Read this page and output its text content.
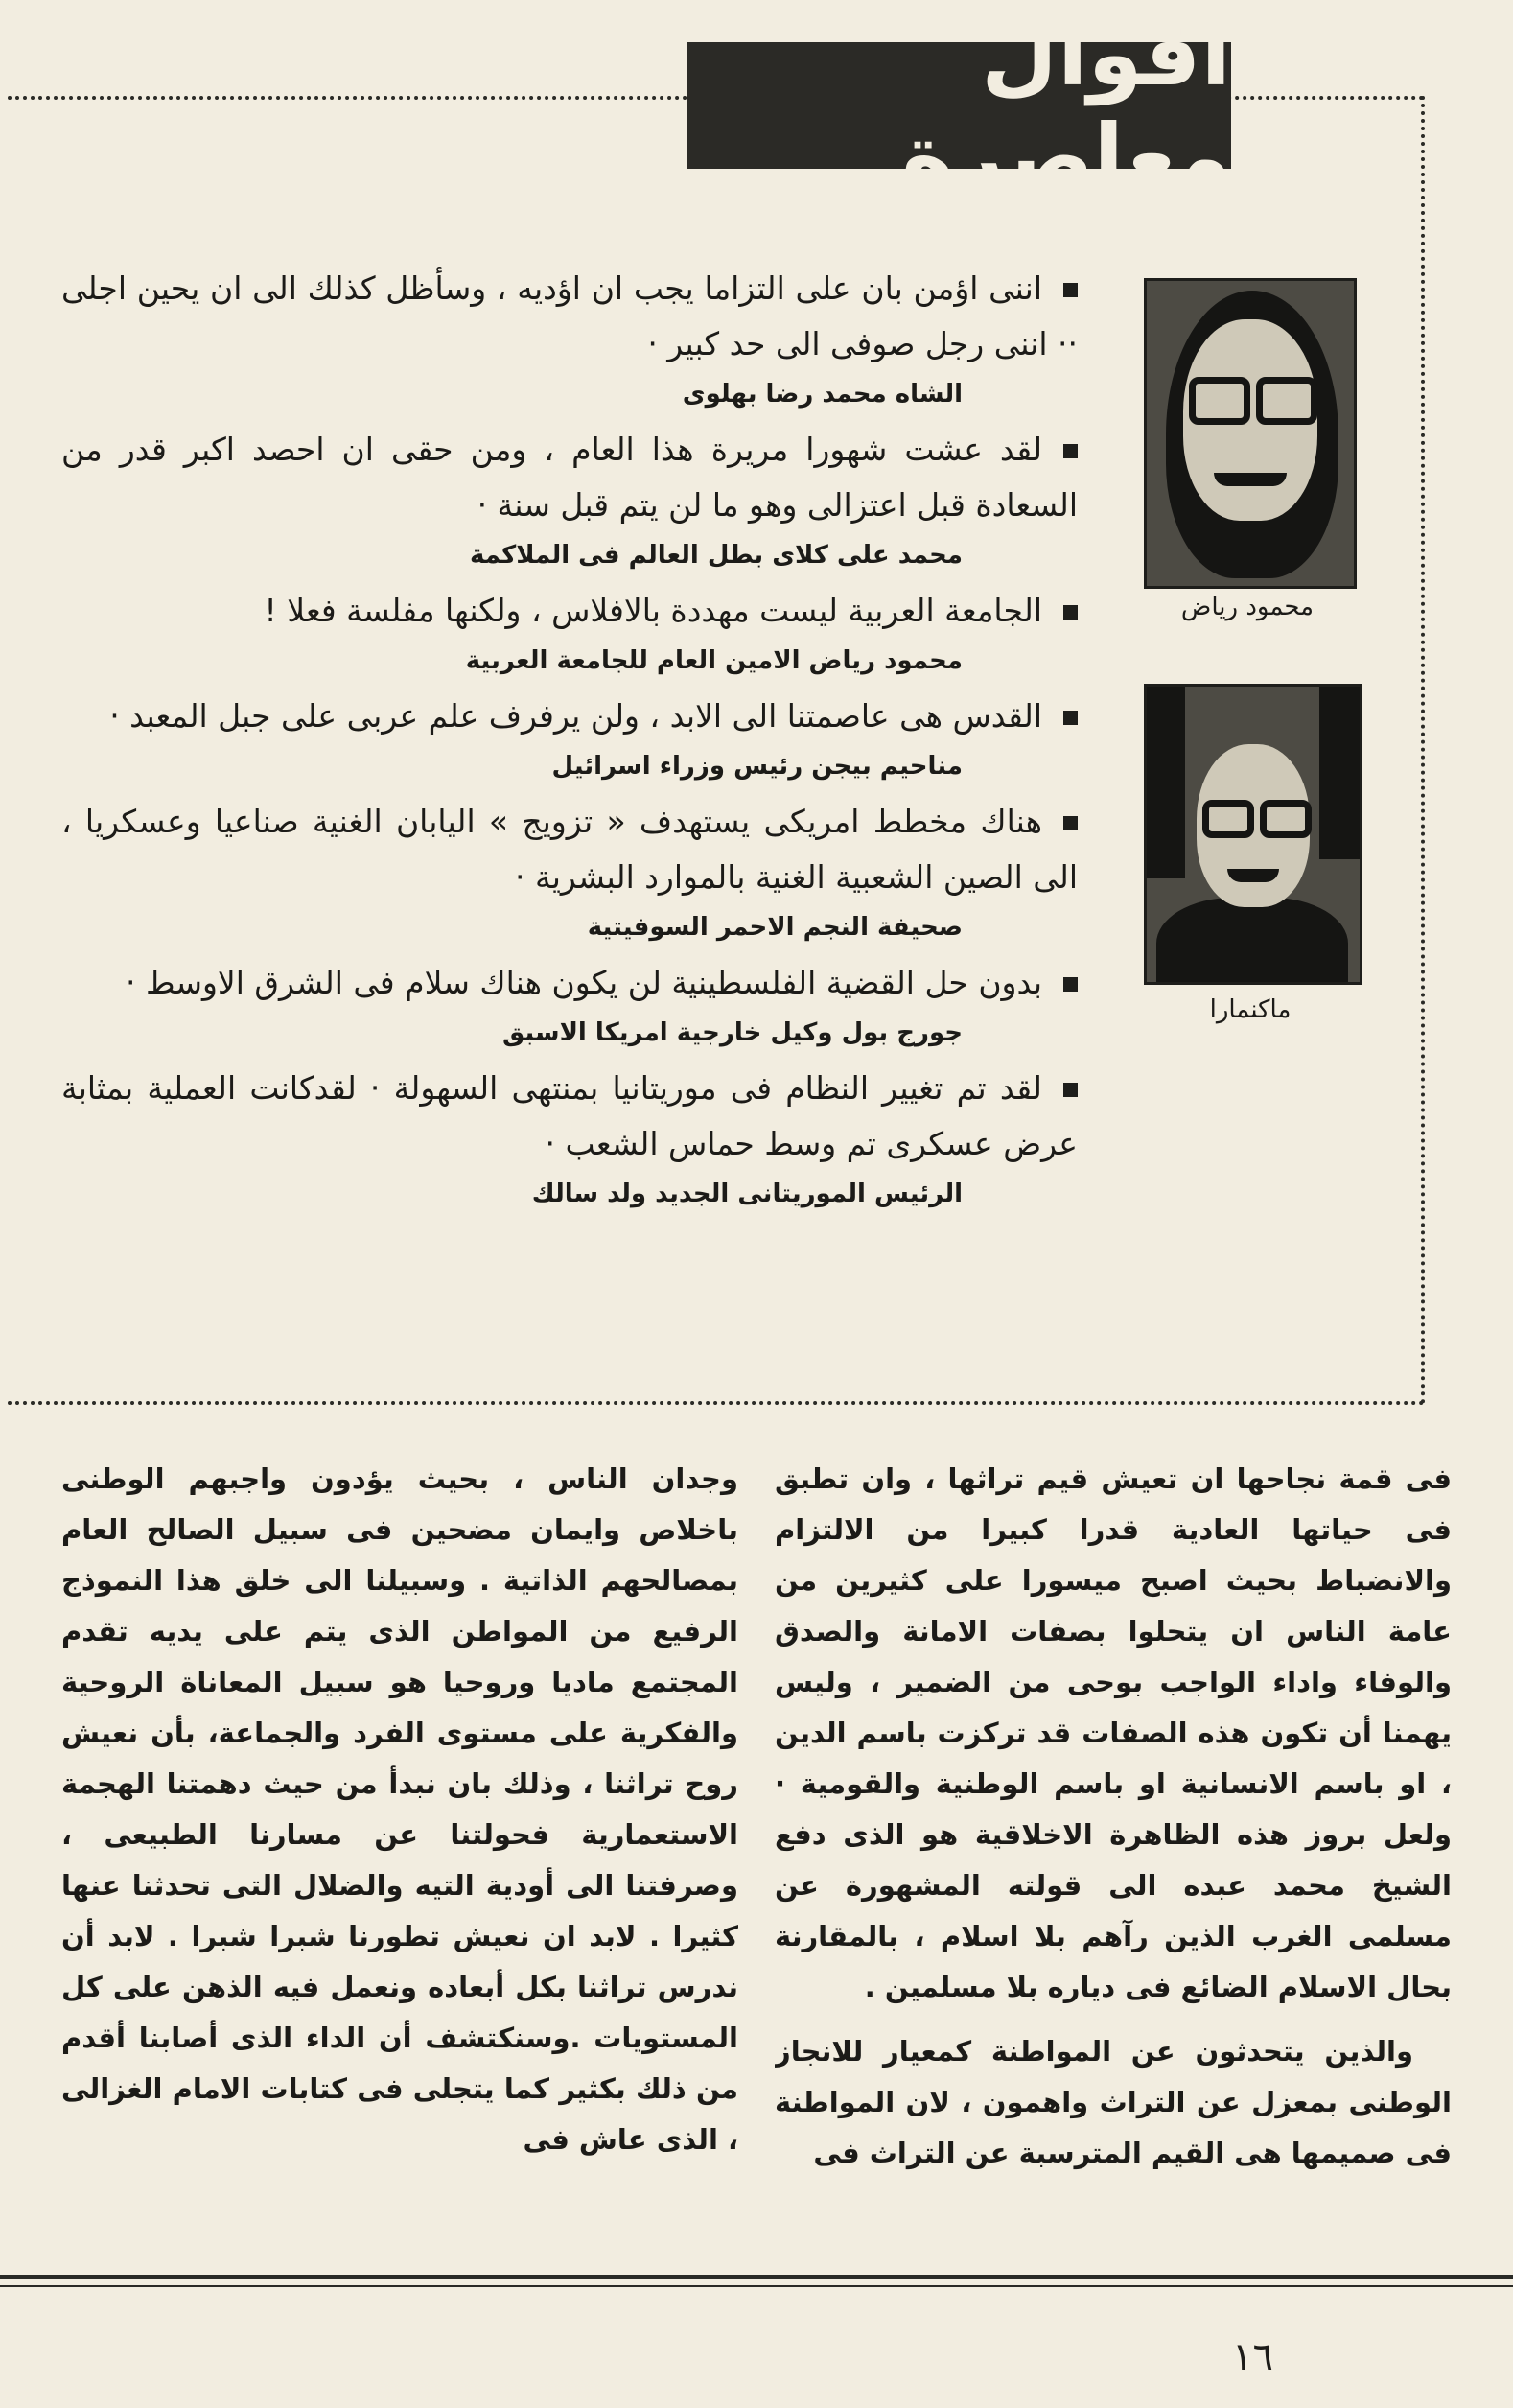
أقوال معاصرة
محمود رياض
ماكنمارا
اننى اؤمن بان على التزاما يجب ان اؤديه ، وسأظل كذلك الى ان يحين اجلى ·· اننى رجل صوفى الى حد كبير ·
الشاه محمد رضا بهلوى
لقد عشت شهورا مريرة هذا العام ، ومن حقى ان احصد اكبر قدر من السعادة قبل اعتزالى وهو ما لن يتم قبل سنة ·
محمد على كلاى بطل العالم فى الملاكمة
الجامعة العربية ليست مهددة بالافلاس ، ولكنها مفلسة فعلا !
محمود رياض الامين العام للجامعة العربية
القدس هى عاصمتنا الى الابد ، ولن يرفرف علم عربى على جبل المعبد ·
مناحيم بيجن رئيس وزراء اسرائيل
هناك مخطط امريكى يستهدف « تزويج » اليابان الغنية صناعيا وعسكريا ، الى الصين الشعبية الغنية بالموارد البشرية ·
صحيفة النجم الاحمر السوفيتية
بدون حل القضية الفلسطينية لن يكون هناك سلام فى الشرق الاوسط ·
جورج بول وكيل خارجية امريكا الاسبق
لقد تم تغيير النظام فى موريتانيا بمنتهى السهولة · لقدكانت العملية بمثابة عرض عسكرى تم وسط حماس الشعب ·
الرئيس الموريتانى الجديد ولد سالك

فى قمة نجاحها ان تعيش قيم تراثها ، وان تطبق فى حياتها العادية قدرا كبيرا من الالتزام والانضباط بحيث اصبح ميسورا على كثيرين من عامة الناس ان يتحلوا بصفات الامانة والصدق والوفاء واداء الواجب بوحى من الضمير ، وليس يهمنا أن تكون هذه الصفات قد تركزت باسم الدين ، او باسم الانسانية او باسم الوطنية والقومية · ولعل بروز هذه الظاهرة الاخلاقية هو الذى دفع الشيخ محمد عبده الى قولته المشهورة عن مسلمى الغرب الذين رآهم بلا اسلام ، بالمقارنة بحال الاسلام الضائع فى دياره بلا مسلمين .

والذين يتحدثون عن المواطنة كمعيار للانجاز الوطنى بمعزل عن التراث واهمون ، لان المواطنة فى صميمها هى القيم المترسبة عن التراث فى

وجدان الناس ، بحيث يؤدون واجبهم الوطنى باخلاص وايمان مضحين فى سبيل الصالح العام بمصالحهم الذاتية . وسبيلنا الى خلق هذا النموذج الرفيع من المواطن الذى يتم على يديه تقدم المجتمع ماديا وروحيا هو سبيل المعاناة الروحية والفكرية على مستوى الفرد والجماعة، بأن نعيش روح تراثنا ، وذلك بان نبدأ من حيث دهمتنا الهجمة الاستعمارية فحولتنا عن مسارنا الطبيعى ، وصرفتنا الى أودية التيه والضلال التى تحدثنا عنها كثيرا . لابد ان نعيش تطورنا شبرا شبرا . لابد أن ندرس تراثنا بكل أبعاده ونعمل فيه الذهن على كل المستويات .وسنكتشف أن الداء الذى أصابنا أقدم من ذلك بكثير كما يتجلى فى كتابات الامام الغزالى ، الذى عاش فى

١٦
